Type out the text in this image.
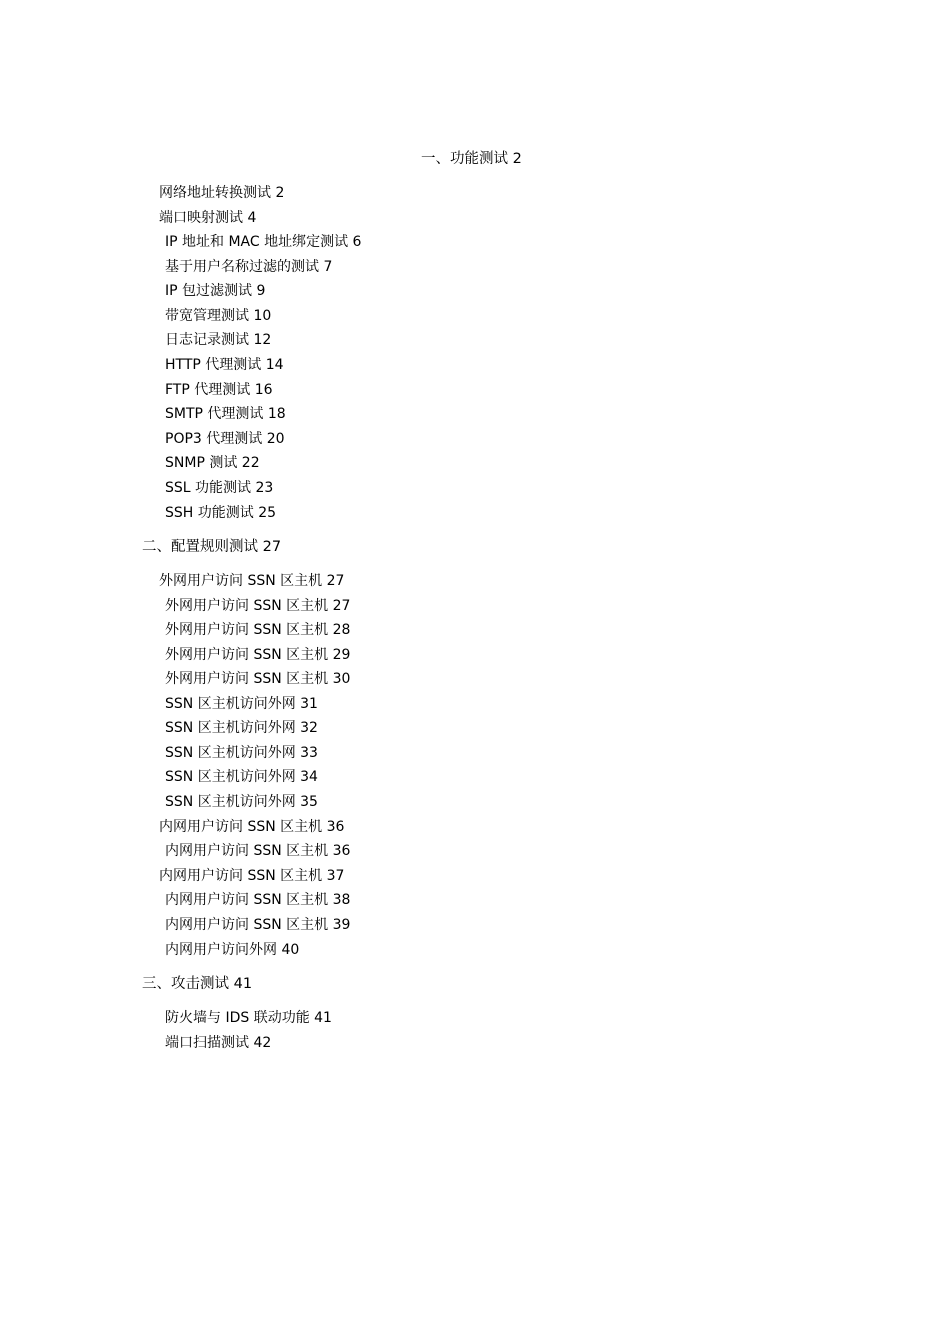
一、功能测试 2
网络地址转换测试 2
端口映射测试 4
IP 地址和 MAC 地址绑定测试 6
基于用户名称过滤的测试 7
IP 包过滤测试 9
带宽管理测试 10
日志记录测试 12
HTTP 代理测试 14
FTP 代理测试 16
SMTP 代理测试 18
POP3 代理测试 20
SNMP 测试 22
SSL 功能测试 23
SSH 功能测试 25
二、配置规则测试 27
外网用户访问 SSN 区主机 27
外网用户访问 SSN 区主机 27
外网用户访问 SSN 区主机 28
外网用户访问 SSN 区主机 29
外网用户访问 SSN 区主机 30
SSN 区主机访问外网 31
SSN 区主机访问外网 32
SSN 区主机访问外网 33
SSN 区主机访问外网 34
SSN 区主机访问外网 35
内网用户访问 SSN 区主机 36
内网用户访问 SSN 区主机 36
内网用户访问 SSN 区主机 37
内网用户访问 SSN 区主机 38
内网用户访问 SSN 区主机 39
内网用户访问外网 40
三、攻击测试 41
防火墙与 IDS 联动功能 41
端口扫描测试 42
